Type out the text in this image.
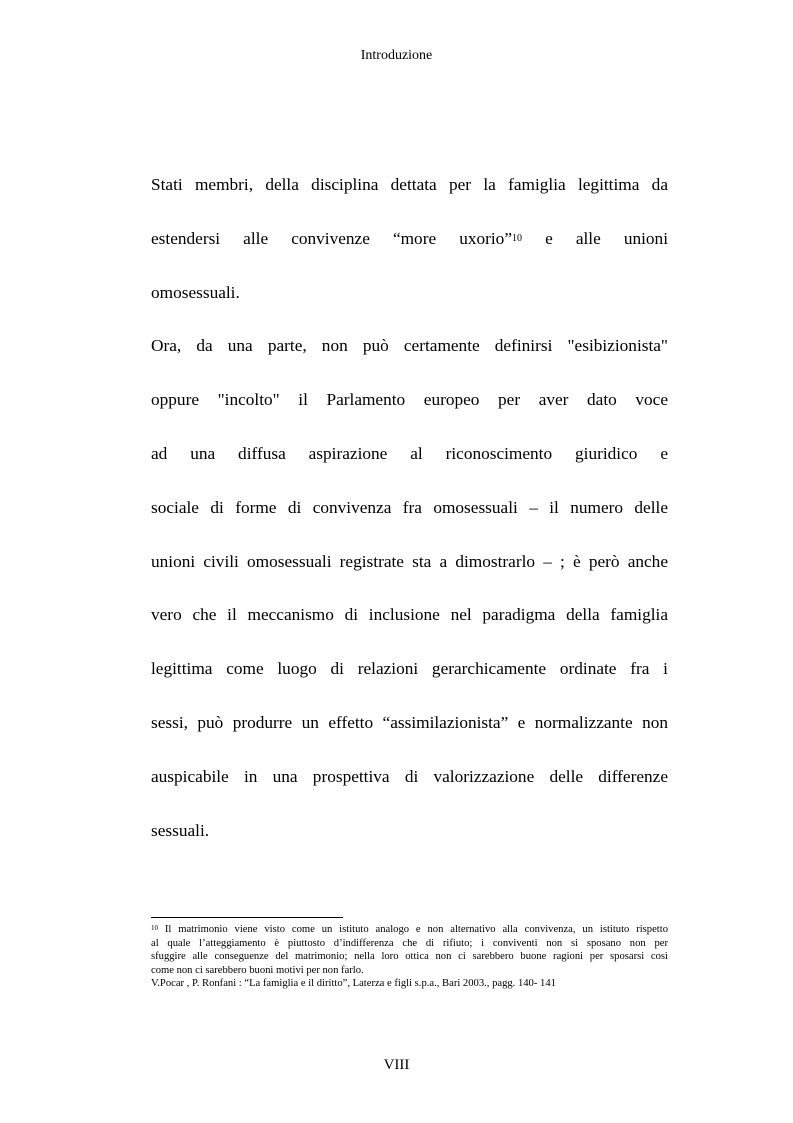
Introduzione

Stati membri, della disciplina dettata per la famiglia legittima da
estendersi alle convivenze “more uxorio”$^{10}$ e alle unioni
omosessuali.

Ora, da una parte, non può certamente definirsi "esibizionista"
oppure "incolto" il Parlamento europeo per aver dato voce
ad una diffusa aspirazione al riconoscimento giuridico e
sociale di forme di convivenza fra omosessuali – il numero delle
unioni civili omosessuali registrate sta a dimostrarlo – ; è però anche
vero che il meccanismo di inclusione nel paradigma della famiglia
legittima come luogo di relazioni gerarchicamente ordinate fra i
sessi, può produrre un effetto “assimilazionista” e normalizzante non
auspicabile in una prospettiva di valorizzazione delle differenze
sessuali.

$^{10}$ Il matrimonio viene visto come un istituto analogo e non alternativo alla convivenza, un istituto rispetto
al quale l’atteggiamento è piuttosto d’indifferenza che di rifiuto; i conviventi non si sposano non per
sfuggire alle conseguenze del matrimonio; nella loro ottica non ci sarebbero buone ragioni per sposarsi così
come non ci sarebbero buoni motivi per non farlo.
V.Pocar , P. Ronfani : “La famiglia e il diritto”, Laterza e figli s.p.a., Bari 2003., pagg. 140- 141
VIII
